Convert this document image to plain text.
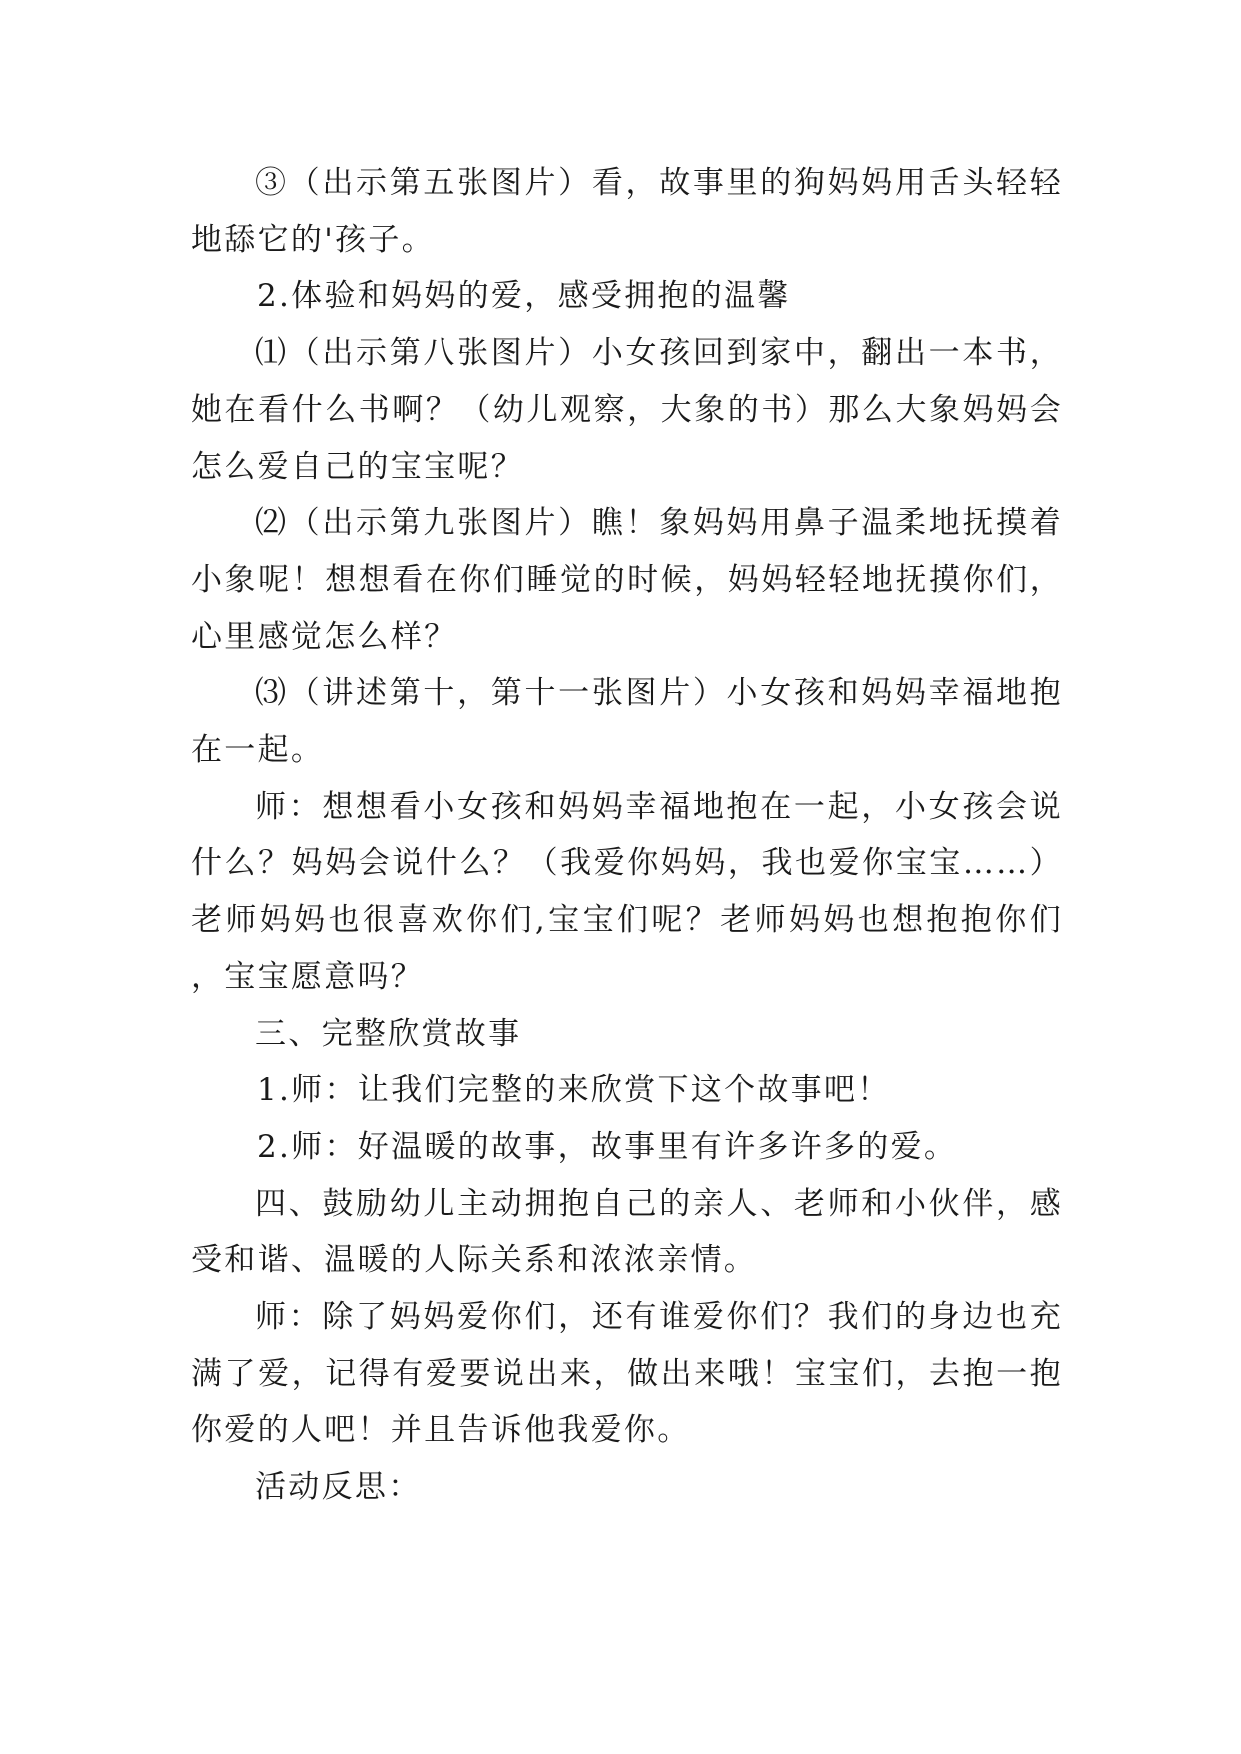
③（出示第五张图片）看，故事里的狗妈妈用舌头轻轻地舔它的'孩子。

2.体验和妈妈的爱，感受拥抱的温馨

⑴（出示第八张图片）小女孩回到家中，翻出一本书，她在看什么书啊？（幼儿观察，大象的书）那么大象妈妈会怎么爱自己的宝宝呢？

⑵（出示第九张图片）瞧！象妈妈用鼻子温柔地抚摸着小象呢！想想看在你们睡觉的时候，妈妈轻轻地抚摸你们，心里感觉怎么样？

⑶（讲述第十，第十一张图片）小女孩和妈妈幸福地抱在一起。

师：想想看小女孩和妈妈幸福地抱在一起，小女孩会说什么？妈妈会说什么？（我爱你妈妈，我也爱你宝宝……）老师妈妈也很喜欢你们,宝宝们呢？老师妈妈也想抱抱你们，宝宝愿意吗？

三、完整欣赏故事

1.师：让我们完整的来欣赏下这个故事吧！

2.师：好温暖的故事，故事里有许多许多的爱。

四、鼓励幼儿主动拥抱自己的亲人、老师和小伙伴，感受和谐、温暖的人际关系和浓浓亲情。

师：除了妈妈爱你们，还有谁爱你们？我们的身边也充满了爱，记得有爱要说出来，做出来哦！宝宝们，去抱一抱你爱的人吧！并且告诉他我爱你。

活动反思：
